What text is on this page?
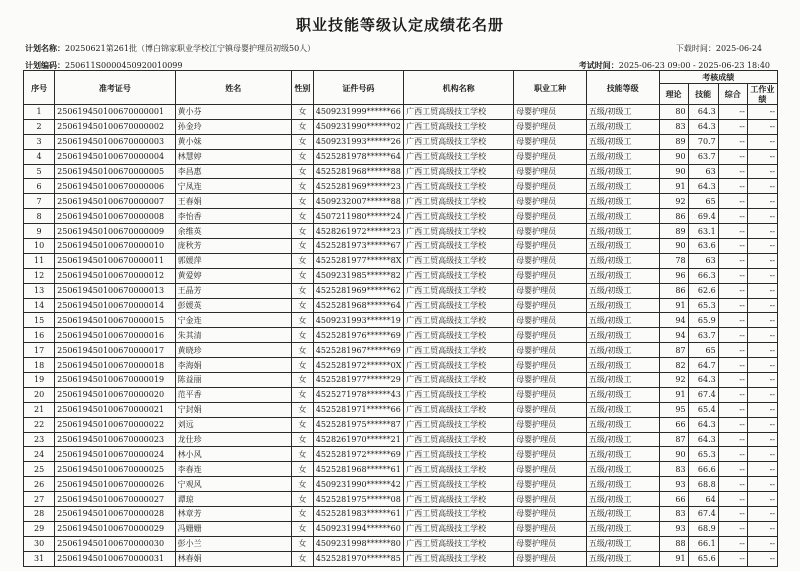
职业技能等级认定成绩花名册
计划名称：20250621第261批（博白锦家职业学校江宁镇母婴护理员初级50人）	下载时间：2025-06-24
计划编码：250611S0000450920010099	考试时间：2025-06-23 09:00 - 2025-06-23 18:40
序号	准考证号	姓名	性别	证件号码	机构名称	职业工种	技能等级	考核成绩			
								理论	技能	综合	工作业绩
1	250619450100670000001	黄小芬	女	4509231999******66	广西工贸高级技工学校	母婴护理员	五级/初级工	80	64.3	--	--
2	250619450100670000002	孙金玲	女	4509231990******02	广西工贸高级技工学校	母婴护理员	五级/初级工	83	64.3	--	--
3	250619450100670000003	黄小妹	女	4509231993******26	广西工贸高级技工学校	母婴护理员	五级/初级工	89	70.7	--	--
4	250619450100670000004	林慧婷	女	4525281978******64	广西工贸高级技工学校	母婴护理员	五级/初级工	90	63.7	--	--
5	250619450100670000005	李昌惠	女	4525281968******88	广西工贸高级技工学校	母婴护理员	五级/初级工	90	63	--	--
6	250619450100670000006	宁凤连	女	4525281969******23	广西工贸高级技工学校	母婴护理员	五级/初级工	91	64.3	--	--
7	250619450100670000007	王春娟	女	4509232007******88	广西工贸高级技工学校	母婴护理员	五级/初级工	92	65	--	--
8	250619450100670000008	李怡香	女	4507211980******24	广西工贸高级技工学校	母婴护理员	五级/初级工	86	69.4	--	--
9	250619450100670000009	余维英	女	4528261972******23	广西工贸高级技工学校	母婴护理员	五级/初级工	89	63.1	--	--
10	250619450100670000010	庞秋芳	女	4525281973******67	广西工贸高级技工学校	母婴护理员	五级/初级工	90	63.6	--	--
11	250619450100670000011	郭媛萍	女	4525281977******8X	广西工贸高级技工学校	母婴护理员	五级/初级工	78	63	--	--
12	250619450100670000012	黄爱婷	女	4509231985******82	广西工贸高级技工学校	母婴护理员	五级/初级工	96	66.3	--	--
13	250619450100670000013	王晶芳	女	4525281969******62	广西工贸高级技工学校	母婴护理员	五级/初级工	86	62.6	--	--
14	250619450100670000014	彭媛英	女	4525281968******64	广西工贸高级技工学校	母婴护理员	五级/初级工	91	65.3	--	--
15	250619450100670000015	宁金连	女	4509231993******19	广西工贸高级技工学校	母婴护理员	五级/初级工	94	65.9	--	--
16	250619450100670000016	朱其清	女	4525281976******69	广西工贸高级技工学校	母婴护理员	五级/初级工	94	63.7	--	--
17	250619450100670000017	黄晓珍	女	4525281967******69	广西工贸高级技工学校	母婴护理员	五级/初级工	87	65	--	--
18	250619450100670000018	李海娟	女	4525281972******0X	广西工贸高级技工学校	母婴护理员	五级/初级工	82	64.7	--	--
19	250619450100670000019	陈益丽	女	4525281977******29	广西工贸高级技工学校	母婴护理员	五级/初级工	92	64.3	--	--
20	250619450100670000020	范平香	女	4525271978******43	广西工贸高级技工学校	母婴护理员	五级/初级工	91	67.4	--	--
21	250619450100670000021	宁封娟	女	4525281971******66	广西工贸高级技工学校	母婴护理员	五级/初级工	95	65.4	--	--
22	250619450100670000022	刘远	女	4525281975******87	广西工贸高级技工学校	母婴护理员	五级/初级工	66	64.3	--	--
23	250619450100670000023	龙仕珍	女	4528261970******21	广西工贸高级技工学校	母婴护理员	五级/初级工	87	64.3	--	--
24	250619450100670000024	林小风	女	4525281972******69	广西工贸高级技工学校	母婴护理员	五级/初级工	90	65.3	--	--
25	250619450100670000025	李春连	女	4525281968******61	广西工贸高级技工学校	母婴护理员	五级/初级工	83	66.6	--	--
26	250619450100670000026	宁观风	女	4509231990******42	广西工贸高级技工学校	母婴护理员	五级/初级工	93	68.8	--	--
27	250619450100670000027	谭琼	女	4525281975******08	广西工贸高级技工学校	母婴护理员	五级/初级工	66	64	--	--
28	250619450100670000028	林章芳	女	4525281983******61	广西工贸高级技工学校	母婴护理员	五级/初级工	83	67.4	--	--
29	250619450100670000029	冯姗姗	女	4509231994******60	广西工贸高级技工学校	母婴护理员	五级/初级工	93	68.9	--	--
30	250619450100670000030	彭小兰	女	4509231998******80	广西工贸高级技工学校	母婴护理员	五级/初级工	88	66.1	--	--
31	250619450100670000031	林春娟	女	4525281970******85	广西工贸高级技工学校	母婴护理员	五级/初级工	91	65.6	--	--
